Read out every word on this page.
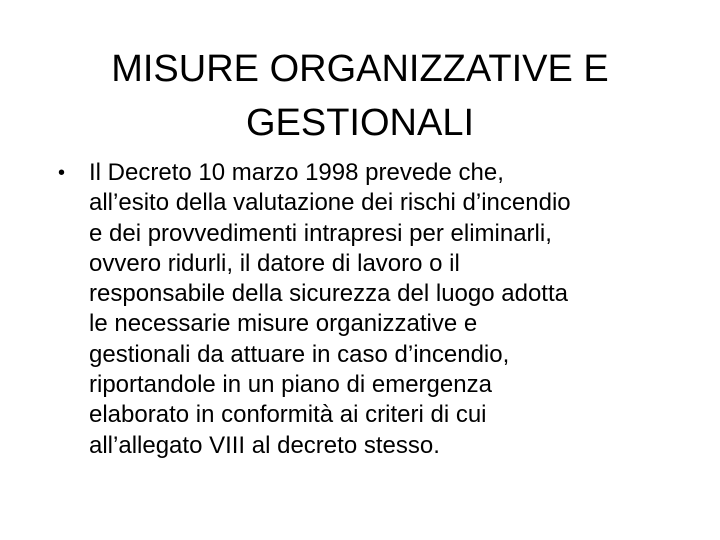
MISURE ORGANIZZATIVE E
GESTIONALI
• Il Decreto 10 marzo 1998 prevede che,
all’esito della valutazione dei rischi d’incendio
e dei provvedimenti intrapresi per eliminarli,
ovvero ridurli, il datore di lavoro o il
responsabile della sicurezza del luogo adotta
le necessarie misure organizzative e
gestionali da attuare in caso d’incendio,
riportandole in un piano di emergenza
elaborato in conformità ai criteri di cui
all’allegato VIII al decreto stesso.
